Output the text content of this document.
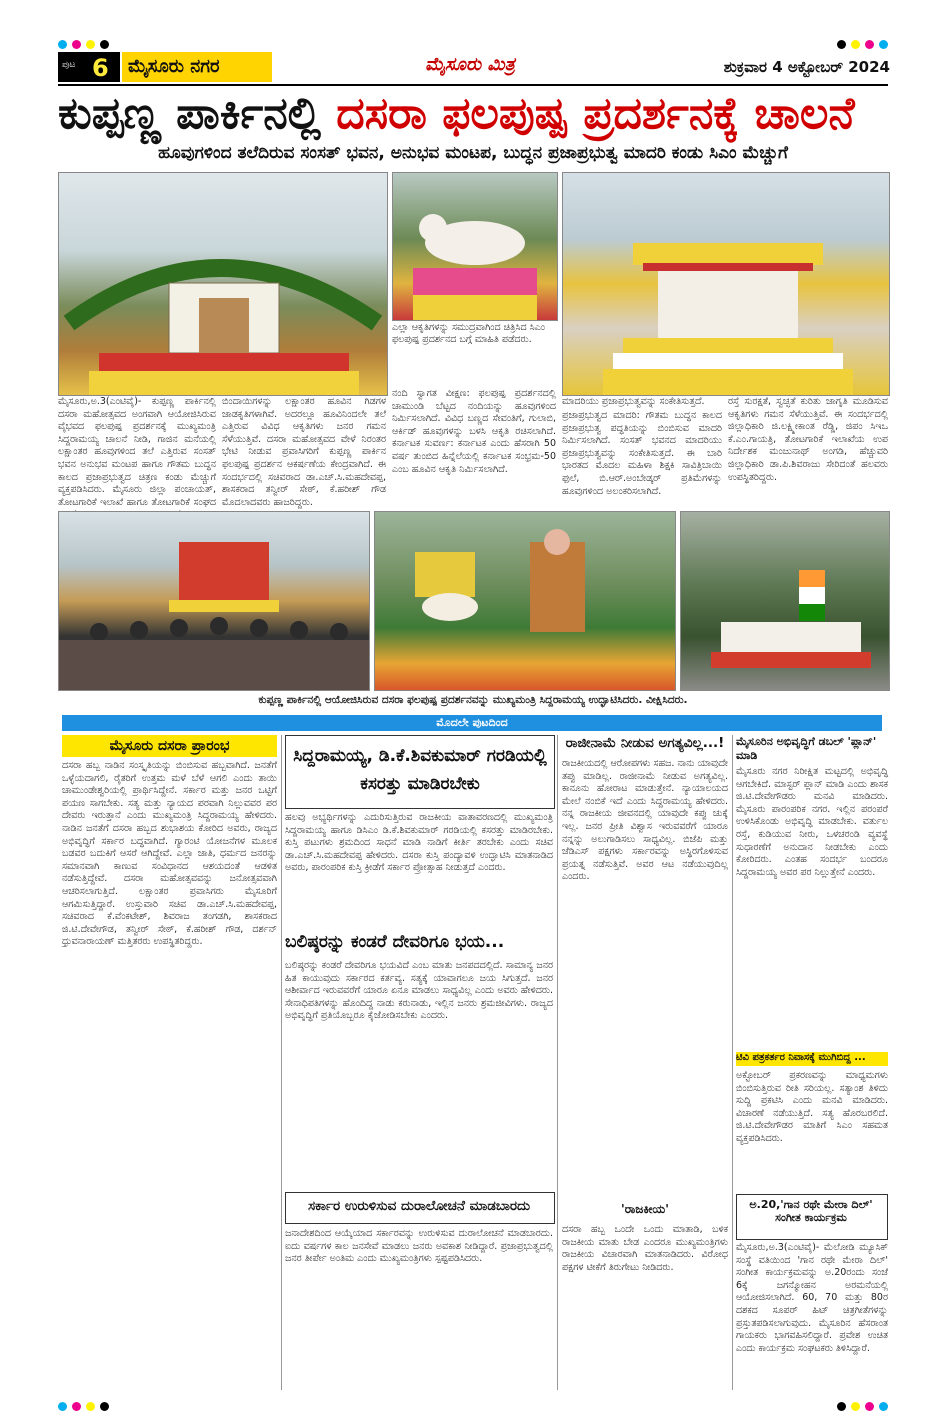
ಪುಟ 6	ಮೈಸೂರು ನಗರ	ಮೈಸೂರು ಮಿತ್ರ	ಶುಕ್ರವಾರ 4 ಅಕ್ಟೋಬರ್ 2024
ಕುಪ್ಪಣ್ಣ ಪಾರ್ಕಿನಲ್ಲಿ ದಸರಾ ಫಲಪುಷ್ಪ ಪ್ರದರ್ಶನಕ್ಕೆ ಚಾಲನೆ
ಹೂವುಗಳಿಂದ ತಲೆದಿರುವ ಸಂಸತ್ ಭವನ, ಅನುಭವ ಮಂಟಪ, ಬುದ್ಧನ ಪ್ರಜಾಪ್ರಭುತ್ವ ಮಾದರಿ ಕಂಡು ಸಿಎಂ ಮೆಚ್ಚುಗೆ
ಎಲ್ಲಾ ಆಕೃತಿಗಳನ್ನು ಸಮುದ್ರವಾಗಿಂದ ಚಿತ್ರಿಸಿದ ಸಿಎಂ ಫಲಪುಷ್ಪ ಪ್ರದರ್ಶನದ ಬಗ್ಗೆ ಮಾಹಿತಿ ಪಡೆದರು.
ಮೈಸೂರು,ಅ.3(ಎಂಟಿವೈ)- ಕುಪ್ಪಣ್ಣ ಪಾರ್ಕಿನಲ್ಲಿ ದಸರಾ ಮಹೋತ್ಸವದ ಅಂಗವಾಗಿ ಆಯೋಜಿಸಿರುವ ವೈಭವದ ಫಲಪುಷ್ಪ ಪ್ರದರ್ಶನಕ್ಕೆ ಮುಖ್ಯಮಂತ್ರಿ ಸಿದ್ದರಾಮಯ್ಯ ಚಾಲನೆ ನೀಡಿ, ಗಾಜಿನ ಮನೆಯಲ್ಲಿ ಲಕ್ಷಾಂತರ ಹೂವುಗಳಿಂದ ತಲೆ ಎತ್ತಿರುವ ಸಂಸತ್ ಭವನ ಅನುಭವ ಮಂಟಪ ಹಾಗೂ ಗೌತಮ ಬುದ್ಧನ ಕಾಲದ ಪ್ರಜಾಪ್ರಭುತ್ವದ ಚಿತ್ರಣ ಕಂಡು ಮೆಚ್ಚುಗೆ ವ್ಯಕ್ತಪಡಿಸಿದರು. ಮೈಸೂರು ಜಿಲ್ಲಾ ಪಂಚಾಯತ್, ತೋಟಗಾರಿಕೆ ಇಲಾಖೆ ಹಾಗೂ ತೋಟಗಾರಿಕೆ ಸಂಘದ
ಬಿಂದಾಯಿಗಳನ್ನು ಲಕ್ಷಾಂತರ ಹೂವಿನ ಗಿಡಗಳ ಜಾಡಕೃತಿಗಳಾಗಿವೆ. ಅದರಲ್ಲೂ ಹೂವಿನಿಂದಲೇ ತಲೆ ಎತ್ತಿರುವ ವಿವಿಧ ಆಕೃತಿಗಳು ಜನರ ಗಮನ ಸೆಳೆಯುತ್ತಿವೆ. ದಸರಾ ಮಹೋತ್ಸವದ ವೇಳೆ ನಿರಂತರ ಭೇಟಿ ನೀಡುವ ಪ್ರವಾಸಿಗರಿಗೆ ಕುಪ್ಪಣ್ಣ ಪಾರ್ಕಿನ ಫಲಪುಷ್ಪ ಪ್ರದರ್ಶನ ಆಕರ್ಷಣೆಯ ಕೇಂದ್ರವಾಗಿದೆ. ಈ ಸಂದರ್ಭದಲ್ಲಿ ಸಚಿವರಾದ ಡಾ.ಎಚ್.ಸಿ.ಮಹದೇವಪ್ಪ, ಶಾಸಕರಾದ ತನ್ವೀರ್ ಸೇಠ್, ಕೆ.ಹರೀಶ್ ಗೌಡ ಮೊದಲಾದವರು ಹಾಜರಿದ್ದರು.
ನಂದಿ ಸ್ವಾಗತ ವೀಕ್ಷಣ: ಫಲಪುಷ್ಪ ಪ್ರದರ್ಶನದಲ್ಲಿ ಚಾಮುಂಡಿ ಬೆಟ್ಟದ ನಂದಿಯನ್ನು ಹೂವುಗಳಿಂದ ನಿರ್ಮಿಸಲಾಗಿದೆ. ವಿವಿಧ ಬಣ್ಣದ ಸೇವಂತಿಗೆ, ಗುಲಾಬಿ, ಆರ್ಕಿಡ್ ಹೂವುಗಳನ್ನು ಬಳಸಿ ಆಕೃತಿ ರಚಿಸಲಾಗಿದೆ. ಕರ್ನಾಟಕ ಸುವರ್ಣ: ಕರ್ನಾಟಕ ಎಂದು ಹೆಸರಾಗಿ 50 ವರ್ಷ ತುಂಬಿದ ಹಿನ್ನೆಲೆಯಲ್ಲಿ ಕರ್ನಾಟಕ ಸಂಭ್ರಮ-50 ಎಂಬ ಹೂವಿನ ಆಕೃತಿ ನಿರ್ಮಿಸಲಾಗಿದೆ.
ಮಾದರಿಯು ಪ್ರಜಾಪ್ರಭುತ್ವವನ್ನು ಸಂಕೇತಿಸುತ್ತದೆ.
ಪ್ರಜಾಪ್ರಭುತ್ವದ ಮಾದರಿ: ಗೌತಮ ಬುದ್ಧನ ಕಾಲದ ಪ್ರಜಾಪ್ರಭುತ್ವ ಪದ್ಧತಿಯನ್ನು ಬಿಂಬಿಸುವ ಮಾದರಿ ನಿರ್ಮಿಸಲಾಗಿದೆ. ಸಂಸತ್ ಭವನದ ಮಾದರಿಯು ಪ್ರಜಾಪ್ರಭುತ್ವವನ್ನು ಸಂಕೇತಿಸುತ್ತದೆ. ಈ ಬಾರಿ ಭಾರತದ ಮೊದಲ ಮಹಿಳಾ ಶಿಕ್ಷಕಿ ಸಾವಿತ್ರಿಬಾಯಿ ಫುಲೆ, ಬಿ.ಆರ್.ಅಂಬೇಡ್ಕರ್ ಪ್ರತಿಮೆಗಳನ್ನು ಹೂವುಗಳಿಂದ ಅಲಂಕರಿಸಲಾಗಿದೆ.
ರಸ್ತೆ ಸುರಕ್ಷತೆ, ಸ್ವಚ್ಛತೆ ಕುರಿತು ಜಾಗೃತಿ ಮೂಡಿಸುವ ಆಕೃತಿಗಳು ಗಮನ ಸೆಳೆಯುತ್ತಿವೆ. ಈ ಸಂದರ್ಭದಲ್ಲಿ ಜಿಲ್ಲಾಧಿಕಾರಿ ಜಿ.ಲಕ್ಷ್ಮೀಕಾಂತ ರೆಡ್ಡಿ, ಜಿಪಂ ಸಿಇಒ ಕೆ.ಎಂ.ಗಾಯತ್ರಿ, ತೋಟಗಾರಿಕೆ ಇಲಾಖೆಯ ಉಪ ನಿರ್ದೇಶಕ ಮಂಜುನಾಥ್ ಅಂಗಡಿ, ಹೆಚ್ಚುವರಿ ಜಿಲ್ಲಾಧಿಕಾರಿ ಡಾ.ಪಿ.ಶಿವರಾಜು ಸೇರಿದಂತೆ ಹಲವರು ಉಪಸ್ಥಿತರಿದ್ದರು.
ಕುಪ್ಪಣ್ಣ ಪಾರ್ಕಿನಲ್ಲಿ ಆಯೋಜಿಸಿರುವ ದಸರಾ ಫಲಪುಷ್ಪ ಪ್ರದರ್ಶನವನ್ನು ಮುಖ್ಯಮಂತ್ರಿ ಸಿದ್ದರಾಮಯ್ಯ ಉದ್ಘಾಟಿಸಿದರು. ವೀಕ್ಷಿಸಿದರು.
ಮೊದಲೇ ಪುಟದಿಂದ
ಮೈಸೂರು ದಸರಾ ಪ್ರಾರಂಭ
ದಸರಾ ಹಬ್ಬ ನಾಡಿನ ಸಂಸ್ಕೃತಿಯನ್ನು ಬಿಂಬಿಸುವ ಹಬ್ಬವಾಗಿದೆ. ಜನತೆಗೆ ಒಳ್ಳೆಯದಾಗಲಿ, ರೈತರಿಗೆ ಉತ್ತಮ ಮಳೆ ಬೆಳೆ ಆಗಲಿ ಎಂದು ತಾಯಿ ಚಾಮುಂಡೇಶ್ವರಿಯಲ್ಲಿ ಪ್ರಾರ್ಥಿಸಿದ್ದೇನೆ. ಸರ್ಕಾರ ಮತ್ತು ಜನರ ಒಟ್ಟಿಗೆ ಪಯಣ ಸಾಗಬೇಕು. ಸತ್ಯ ಮತ್ತು ನ್ಯಾಯದ ಪರವಾಗಿ ನಿಲ್ಲುವವರ ಪರ ದೇವರು ಇರುತ್ತಾನೆ ಎಂದು ಮುಖ್ಯಮಂತ್ರಿ ಸಿದ್ದರಾಮಯ್ಯ ಹೇಳಿದರು. ನಾಡಿನ ಜನತೆಗೆ ದಸರಾ ಹಬ್ಬದ ಶುಭಾಶಯ ಕೋರಿದ ಅವರು, ರಾಜ್ಯದ ಅಭಿವೃದ್ಧಿಗೆ ಸರ್ಕಾರ ಬದ್ಧವಾಗಿದೆ. ಗ್ಯಾರಂಟಿ ಯೋಜನೆಗಳ ಮೂಲಕ ಬಡವರ ಬದುಕಿಗೆ ಆಸರೆ ಆಗಿದ್ದೇವೆ. ಎಲ್ಲಾ ಜಾತಿ, ಧರ್ಮದ ಜನರನ್ನು ಸಮಾನವಾಗಿ ಕಾಣುವ ಸಂವಿಧಾನದ ಆಶಯದಂತೆ ಆಡಳಿತ ನಡೆಸುತ್ತಿದ್ದೇವೆ. ದಸರಾ ಮಹೋತ್ಸವವನ್ನು ಜನೋತ್ಸವವಾಗಿ ಆಚರಿಸಲಾಗುತ್ತಿದೆ. ಲಕ್ಷಾಂತರ ಪ್ರವಾಸಿಗರು ಮೈಸೂರಿಗೆ ಆಗಮಿಸುತ್ತಿದ್ದಾರೆ. ಉಸ್ತುವಾರಿ ಸಚಿವ ಡಾ.ಎಚ್.ಸಿ.ಮಹದೇವಪ್ಪ, ಸಚಿವರಾದ ಕೆ.ವೆಂಕಟೇಶ್, ಶಿವರಾಜ ತಂಗಡಗಿ, ಶಾಸಕರಾದ ಜಿ.ಟಿ.ದೇವೇಗೌಡ, ತನ್ವೀರ್ ಸೇಠ್, ಕೆ.ಹರೀಶ್ ಗೌಡ, ದರ್ಶನ್ ಧ್ರುವನಾರಾಯಣ್ ಮತ್ತಿತರರು ಉಪಸ್ಥಿತರಿದ್ದರು.
ಸಿದ್ದರಾಮಯ್ಯ, ಡಿ.ಕೆ.ಶಿವಕುಮಾರ್ ಗರಡಿಯಲ್ಲಿ ಕಸರತ್ತು ಮಾಡಿರಬೇಕು
ಹಲವು ಅಭ್ಯರ್ಥಿಗಳನ್ನು ಎದುರಿಸುತ್ತಿರುವ ರಾಜಕೀಯ ವಾತಾವರಣದಲ್ಲಿ ಮುಖ್ಯಮಂತ್ರಿ ಸಿದ್ದರಾಮಯ್ಯ ಹಾಗೂ ಡಿಸಿಎಂ ಡಿ.ಕೆ.ಶಿವಕುಮಾರ್ ಗರಡಿಯಲ್ಲಿ ಕಸರತ್ತು ಮಾಡಿರಬೇಕು. ಕುಸ್ತಿ ಪಟುಗಳು ಶ್ರಮದಿಂದ ಸಾಧನೆ ಮಾಡಿ ನಾಡಿಗೆ ಕೀರ್ತಿ ತರಬೇಕು ಎಂದು ಸಚಿವ ಡಾ.ಎಚ್.ಸಿ.ಮಹದೇವಪ್ಪ ಹೇಳಿದರು. ದಸರಾ ಕುಸ್ತಿ ಪಂದ್ಯಾವಳಿ ಉದ್ಘಾಟಿಸಿ ಮಾತನಾಡಿದ ಅವರು, ಪಾರಂಪರಿಕ ಕುಸ್ತಿ ಕ್ರೀಡೆಗೆ ಸರ್ಕಾರ ಪ್ರೋತ್ಸಾಹ ನೀಡುತ್ತದೆ ಎಂದರು.
ಬಲಿಷ್ಠರನ್ನು ಕಂಡರೆ ದೇವರಿಗೂ ಭಯ...
ಬಲಿಷ್ಠರನ್ನು ಕಂಡರೆ ದೇವರಿಗೂ ಭಯವಿದೆ ಎಂಬ ಮಾತು ಜನಪದದಲ್ಲಿದೆ. ಸಾಮಾನ್ಯ ಜನರ ಹಿತ ಕಾಯುವುದು ಸರ್ಕಾರದ ಕರ್ತವ್ಯ. ಸತ್ಯಕ್ಕೆ ಯಾವಾಗಲೂ ಜಯ ಸಿಗುತ್ತದೆ. ಜನರ ಆಶೀರ್ವಾದ ಇರುವವರೆಗೆ ಯಾರೂ ಏನೂ ಮಾಡಲು ಸಾಧ್ಯವಿಲ್ಲ ಎಂದು ಅವರು ಹೇಳಿದರು. ಸೇನಾಧಿಪತಿಗಳನ್ನು ಹೊಂದಿದ್ದ ನಾಡು ಕರುನಾಡು, ಇಲ್ಲಿನ ಜನರು ಶ್ರಮಜೀವಿಗಳು. ರಾಜ್ಯದ ಅಭಿವೃದ್ಧಿಗೆ ಪ್ರತಿಯೊಬ್ಬರೂ ಕೈಜೋಡಿಸಬೇಕು ಎಂದರು.
ಸರ್ಕಾರ ಉರುಳಿಸುವ ದುರಾಲೋಚನೆ ಮಾಡಬಾರದು
ಜನಾದೇಶದಿಂದ ಆಯ್ಕೆಯಾದ ಸರ್ಕಾರವನ್ನು ಉರುಳಿಸುವ ದುರಾಲೋಚನೆ ಮಾಡಬಾರದು. ಐದು ವರ್ಷಗಳ ಕಾಲ ಜನಸೇವೆ ಮಾಡಲು ಜನರು ಅವಕಾಶ ನೀಡಿದ್ದಾರೆ. ಪ್ರಜಾಪ್ರಭುತ್ವದಲ್ಲಿ ಜನರ ತೀರ್ಪೇ ಅಂತಿಮ ಎಂದು ಮುಖ್ಯಮಂತ್ರಿಗಳು ಸ್ಪಷ್ಟಪಡಿಸಿದರು.
ರಾಜೀನಾಮೆ ನೀಡುವ ಅಗತ್ಯವಿಲ್ಲ...!
ರಾಜಕೀಯದಲ್ಲಿ ಆರೋಪಗಳು ಸಹಜ. ನಾನು ಯಾವುದೇ ತಪ್ಪು ಮಾಡಿಲ್ಲ. ರಾಜೀನಾಮೆ ನೀಡುವ ಅಗತ್ಯವಿಲ್ಲ. ಕಾನೂನು ಹೋರಾಟ ಮಾಡುತ್ತೇನೆ. ನ್ಯಾಯಾಲಯದ ಮೇಲೆ ನಂಬಿಕೆ ಇದೆ ಎಂದು ಸಿದ್ದರಾಮಯ್ಯ ಹೇಳಿದರು. ನನ್ನ ರಾಜಕೀಯ ಜೀವನದಲ್ಲಿ ಯಾವುದೇ ಕಪ್ಪು ಚುಕ್ಕೆ ಇಲ್ಲ. ಜನರ ಪ್ರೀತಿ ವಿಶ್ವಾಸ ಇರುವವರೆಗೆ ಯಾರೂ ನನ್ನನ್ನು ಅಲುಗಾಡಿಸಲು ಸಾಧ್ಯವಿಲ್ಲ. ಬಿಜೆಪಿ ಮತ್ತು ಜೆಡಿಎಸ್ ಪಕ್ಷಗಳು ಸರ್ಕಾರವನ್ನು ಅಸ್ಥಿರಗೊಳಿಸುವ ಪ್ರಯತ್ನ ನಡೆಸುತ್ತಿವೆ. ಅವರ ಆಟ ನಡೆಯುವುದಿಲ್ಲ ಎಂದರು.
'ರಾಜಕೀಯ'
ದಸರಾ ಹಬ್ಬ ಒಂದೇ ಒಂದು ಮಾತಾಡಿ, ಬಳಿಕ ರಾಜಕೀಯ ಮಾತು ಬೇಡ ಎಂದರೂ ಮುಖ್ಯಮಂತ್ರಿಗಳು ರಾಜಕೀಯ ವಿಚಾರವಾಗಿ ಮಾತನಾಡಿದರು. ವಿರೋಧ ಪಕ್ಷಗಳ ಟೀಕೆಗೆ ತಿರುಗೇಟು ನೀಡಿದರು.
ಮೈಸೂರಿನ ಅಭಿವೃದ್ಧಿಗೆ ಡಬಲ್ 'ಪ್ಲಾನ್' ಮಾಡಿ
ಮೈಸೂರು ನಗರ ನಿರೀಕ್ಷಿತ ಮಟ್ಟದಲ್ಲಿ ಅಭಿವೃದ್ಧಿ ಆಗಬೇಕಿದೆ. ಮಾಸ್ಟರ್ ಪ್ಲಾನ್ ಮಾಡಿ ಎಂದು ಶಾಸಕ ಜಿ.ಟಿ.ದೇವೇಗೌಡರು ಮನವಿ ಮಾಡಿದರು. ಮೈಸೂರು ಪಾರಂಪರಿಕ ನಗರ. ಇಲ್ಲಿನ ಪರಂಪರೆ ಉಳಿಸಿಕೊಂಡು ಅಭಿವೃದ್ಧಿ ಮಾಡಬೇಕು. ವರ್ತುಲ ರಸ್ತೆ, ಕುಡಿಯುವ ನೀರು, ಒಳಚರಂಡಿ ವ್ಯವಸ್ಥೆ ಸುಧಾರಣೆಗೆ ಅನುದಾನ ನೀಡಬೇಕು ಎಂದು ಕೋರಿದರು. ಎಂತಹ ಸಂದರ್ಭ ಬಂದರೂ ಸಿದ್ದರಾಮಯ್ಯ ಅವರ ಪರ ನಿಲ್ಲುತ್ತೇನೆ ಎಂದರು.
ಟಿವಿ ಪತ್ರಕರ್ತರ ನಿವಾಸಕ್ಕೆ ಮುಗಿಬಿದ್ದ ...
ಅಕ್ಟೋಬರ್ ಪ್ರಕರಣವನ್ನು ಮಾಧ್ಯಮಗಳು ಬಿಂಬಿಸುತ್ತಿರುವ ರೀತಿ ಸರಿಯಲ್ಲ. ಸತ್ಯಾಂಶ ತಿಳಿದು ಸುದ್ದಿ ಪ್ರಕಟಿಸಿ ಎಂದು ಮನವಿ ಮಾಡಿದರು. ವಿಚಾರಣೆ ನಡೆಯುತ್ತಿದೆ. ಸತ್ಯ ಹೊರಬರಲಿದೆ. ಜಿ.ಟಿ.ದೇವೇಗೌಡರ ಮಾತಿಗೆ ಸಿಎಂ ಸಹಮತ ವ್ಯಕ್ತಪಡಿಸಿದರು.
ಅ.20,'ಗಾನ ರಥೇ ಮೇರಾ ದಿಲ್' ಸಂಗೀತ ಕಾರ್ಯಕ್ರಮ
ಮೈಸೂರು,ಅ.3(ಎಂಟಿವೈ)- ಮೆಲೋಡಿ ಮ್ಯೂಸಿಕ್ ಸಂಸ್ಥೆ ವತಿಯಿಂದ 'ಗಾನ ರಥೇ ಮೇರಾ ದಿಲ್' ಸಂಗೀತ ಕಾರ್ಯಕ್ರಮವನ್ನು ಅ.20ರಂದು ಸಂಜೆ 6ಕ್ಕೆ ಜಗನ್ಮೋಹನ ಅರಮನೆಯಲ್ಲಿ ಆಯೋಜಿಸಲಾಗಿದೆ. 60, 70 ಮತ್ತು 80ರ ದಶಕದ ಸೂಪರ್ ಹಿಟ್ ಚಿತ್ರಗೀತೆಗಳನ್ನು ಪ್ರಸ್ತುತಪಡಿಸಲಾಗುವುದು. ಮೈಸೂರಿನ ಹೆಸರಾಂತ ಗಾಯಕರು ಭಾಗವಹಿಸಲಿದ್ದಾರೆ. ಪ್ರವೇಶ ಉಚಿತ ಎಂದು ಕಾರ್ಯಕ್ರಮ ಸಂಘಟಕರು ತಿಳಿಸಿದ್ದಾರೆ.
